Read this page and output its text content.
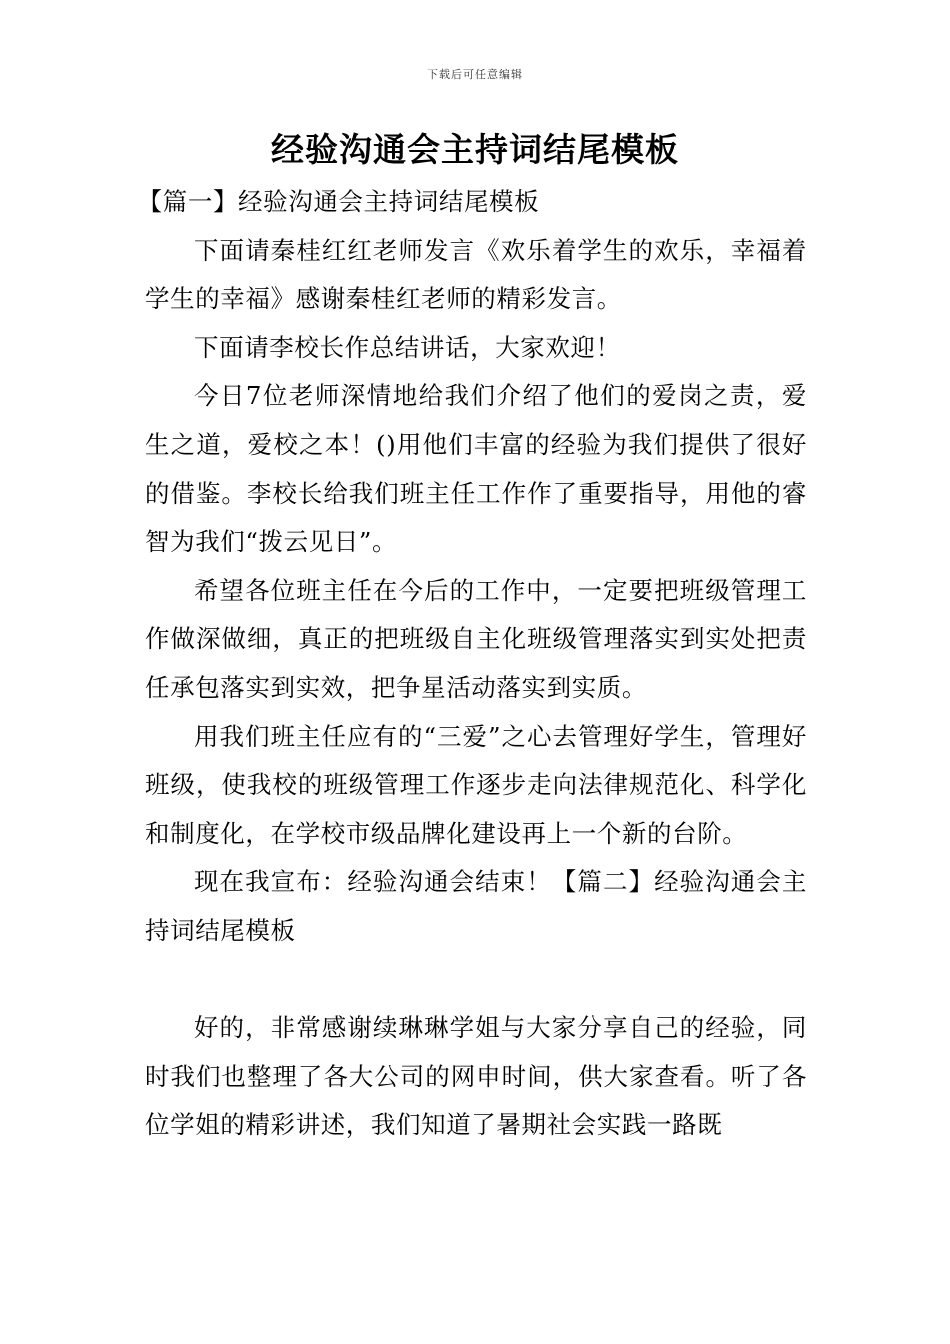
下载后可任意编辑
经验沟通会主持词结尾模板

【篇一】经验沟通会主持词结尾模板

下面请秦桂红红老师发言《欢乐着学生的欢乐，幸福着学生的幸福》感谢秦桂红老师的精彩发言。

下面请李校长作总结讲话，大家欢迎！

今日7位老师深情地给我们介绍了他们的爱岗之责，爱生之道，爱校之本！()用他们丰富的经验为我们提供了很好的借鉴。李校长给我们班主任工作作了重要指导，用他的睿智为我们“拨云见日”。

希望各位班主任在今后的工作中，一定要把班级管理工作做深做细，真正的把班级自主化班级管理落实到实处把责任承包落实到实效，把争星活动落实到实质。

用我们班主任应有的“三爱”之心去管理好学生，管理好班级，使我校的班级管理工作逐步走向法律规范化、科学化和制度化，在学校市级品牌化建设再上一个新的台阶。

现在我宣布：经验沟通会结束！【篇二】经验沟通会主持词结尾模板

好的，非常感谢续琳琳学姐与大家分享自己的经验，同时我们也整理了各大公司的网申时间，供大家查看。听了各位学姐的精彩讲述，我们知道了暑期社会实践一路既
